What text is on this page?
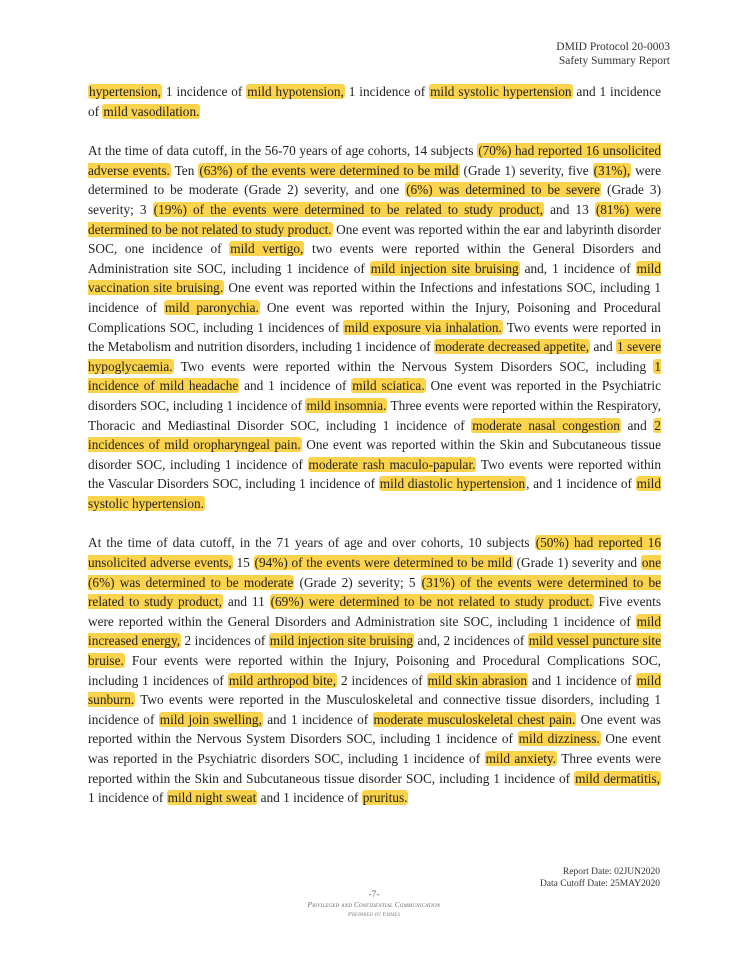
DMID Protocol 20-0003
Safety Summary Report

hypertension, 1 incidence of mild hypotension, 1 incidence of mild systolic hypertension and 1 incidence of mild vasodilation.

At the time of data cutoff, in the 56-70 years of age cohorts, 14 subjects (70%) had reported 16 unsolicited adverse events. Ten (63%) of the events were determined to be mild (Grade 1) severity, five (31%), were determined to be moderate (Grade 2) severity, and one (6%) was determined to be severe (Grade 3) severity; 3 (19%) of the events were determined to be related to study product, and 13 (81%) were determined to be not related to study product. One event was reported within the ear and labyrinth disorder SOC, one incidence of mild vertigo, two events were reported within the General Disorders and Administration site SOC, including 1 incidence of mild injection site bruising and, 1 incidence of mild vaccination site bruising. One event was reported within the Infections and infestations SOC, including 1 incidence of mild paronychia. One event was reported within the Injury, Poisoning and Procedural Complications SOC, including 1 incidences of mild exposure via inhalation. Two events were reported in the Metabolism and nutrition disorders, including 1 incidence of moderate decreased appetite, and 1 severe hypoglycaemia. Two events were reported within the Nervous System Disorders SOC, including 1 incidence of mild headache and 1 incidence of mild sciatica. One event was reported in the Psychiatric disorders SOC, including 1 incidence of mild insomnia. Three events were reported within the Respiratory, Thoracic and Mediastinal Disorder SOC, including 1 incidence of moderate nasal congestion and 2 incidences of mild oropharyngeal pain. One event was reported within the Skin and Subcutaneous tissue disorder SOC, including 1 incidence of moderate rash maculo-papular. Two events were reported within the Vascular Disorders SOC, including 1 incidence of mild diastolic hypertension, and 1 incidence of mild systolic hypertension.

At the time of data cutoff, in the 71 years of age and over cohorts, 10 subjects (50%) had reported 16 unsolicited adverse events, 15 (94%) of the events were determined to be mild (Grade 1) severity and one (6%) was determined to be moderate (Grade 2) severity; 5 (31%) of the events were determined to be related to study product, and 11 (69%) were determined to be not related to study product. Five events were reported within the General Disorders and Administration site SOC, including 1 incidence of mild increased energy, 2 incidences of mild injection site bruising and, 2 incidences of mild vessel puncture site bruise. Four events were reported within the Injury, Poisoning and Procedural Complications SOC, including 1 incidences of mild arthropod bite, 2 incidences of mild skin abrasion and 1 incidence of mild sunburn. Two events were reported in the Musculoskeletal and connective tissue disorders, including 1 incidence of mild join swelling, and 1 incidence of moderate musculoskeletal chest pain. One event was reported within the Nervous System Disorders SOC, including 1 incidence of mild dizziness. One event was reported in the Psychiatric disorders SOC, including 1 incidence of mild anxiety. Three events were reported within the Skin and Subcutaneous tissue disorder SOC, including 1 incidence of mild dermatitis, 1 incidence of mild night sweat and 1 incidence of pruritus.

Report Date: 02JUN2020
Data Cutoff Date: 25MAY2020
-7-
Privileged and Confidential Communication
Prepared by Emmes
